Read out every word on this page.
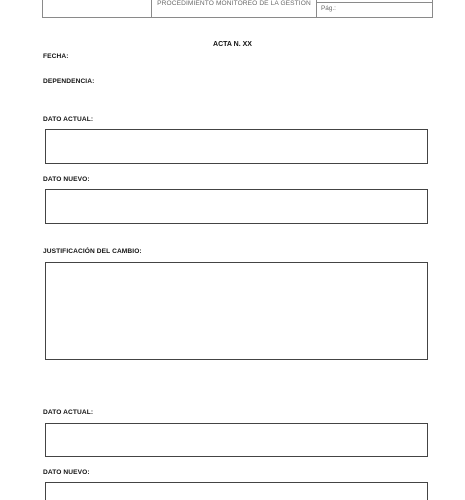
PROCEDIMIENTO MONITOREO DE LA GESTIÓN
Pág.:
ACTA N. XX
FECHA:
DEPENDENCIA:
DATO ACTUAL:
DATO NUEVO:
JUSTIFICACIÓN DEL CAMBIO:
DATO ACTUAL:
DATO NUEVO:
